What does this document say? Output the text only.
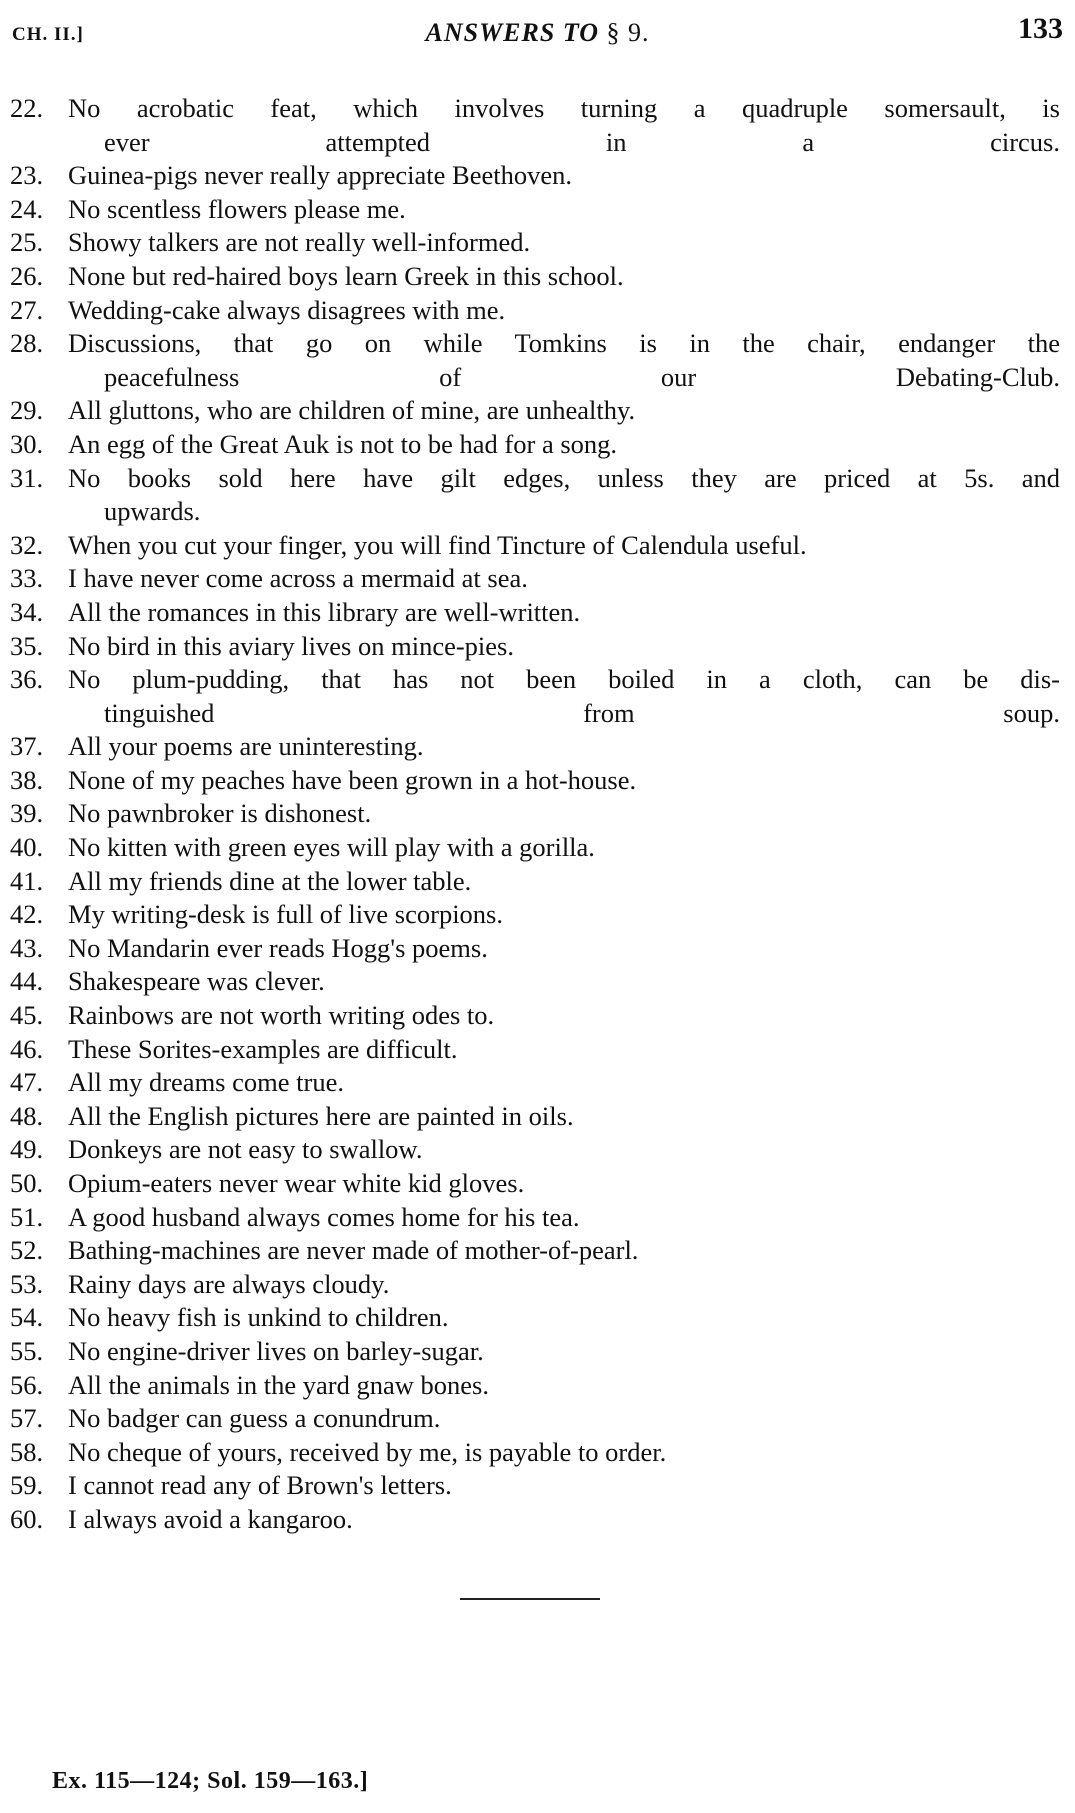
CH. II.]	ANSWERS TO § 9.	133
22. No acrobatic feat, which involves turning a quadruple somersault, is
ever attempted in a circus.
23. Guinea-pigs never really appreciate Beethoven.
24. No scentless flowers please me.
25. Showy talkers are not really well-informed.
26. None but red-haired boys learn Greek in this school.
27. Wedding-cake always disagrees with me.
28. Discussions, that go on while Tomkins is in the chair, endanger the
peacefulness of our Debating-Club.
29. All gluttons, who are children of mine, are unhealthy.
30. An egg of the Great Auk is not to be had for a song.
31. No books sold here have gilt edges, unless they are priced at 5s. and
upwards.
32. When you cut your finger, you will find Tincture of Calendula useful.
33. I have never come across a mermaid at sea.
34. All the romances in this library are well-written.
35. No bird in this aviary lives on mince-pies.
36. No plum-pudding, that has not been boiled in a cloth, can be dis-
tinguished from soup.
37. All your poems are uninteresting.
38. None of my peaches have been grown in a hot-house.
39. No pawnbroker is dishonest.
40. No kitten with green eyes will play with a gorilla.
41. All my friends dine at the lower table.
42. My writing-desk is full of live scorpions.
43. No Mandarin ever reads Hogg's poems.
44. Shakespeare was clever.
45. Rainbows are not worth writing odes to.
46. These Sorites-examples are difficult.
47. All my dreams come true.
48. All the English pictures here are painted in oils.
49. Donkeys are not easy to swallow.
50. Opium-eaters never wear white kid gloves.
51. A good husband always comes home for his tea.
52. Bathing-machines are never made of mother-of-pearl.
53. Rainy days are always cloudy.
54. No heavy fish is unkind to children.
55. No engine-driver lives on barley-sugar.
56. All the animals in the yard gnaw bones.
57. No badger can guess a conundrum.
58. No cheque of yours, received by me, is payable to order.
59. I cannot read any of Brown's letters.
60. I always avoid a kangaroo.
Ex. 115—124; Sol. 159—163.]
